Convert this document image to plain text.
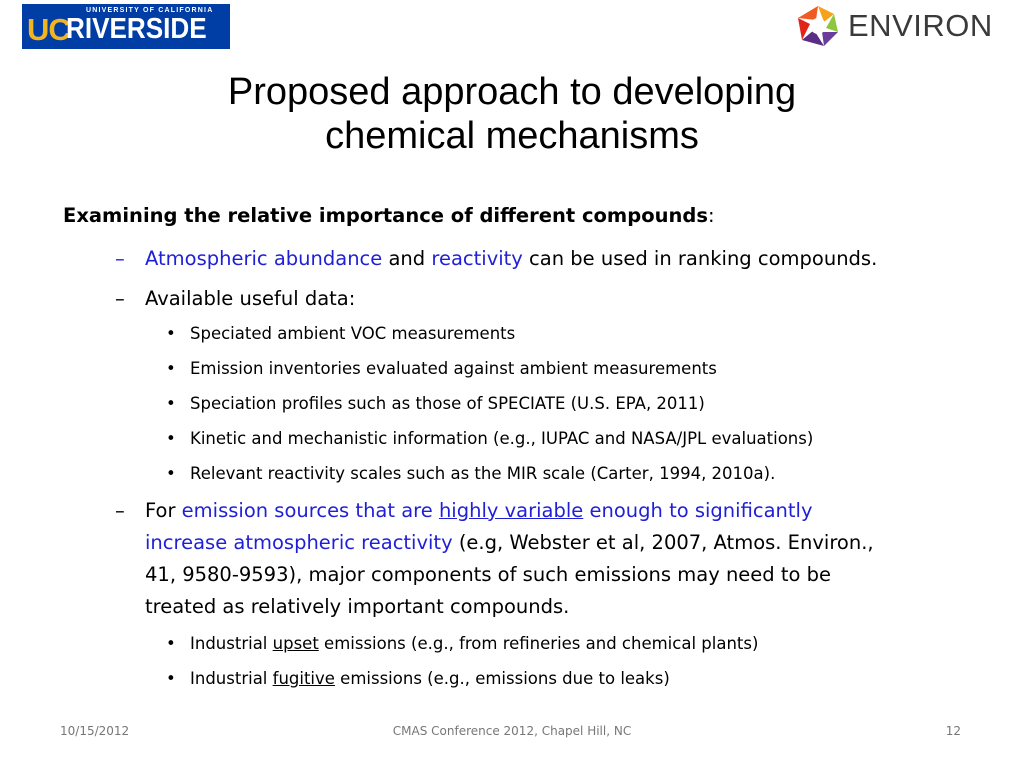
UNIVERSITY OF CALIFORNIA
UC
RIVERSIDE	ENVIRON
Proposed approach to developing
chemical mechanisms
Examining the relative importance of different compounds:
– Atmospheric abundance and reactivity can be used in ranking compounds.
– Available useful data:
• Speciated ambient VOC measurements
• Emission inventories evaluated against ambient measurements
• Speciation profiles such as those of SPECIATE (U.S. EPA, 2011)
• Kinetic and mechanistic information (e.g., IUPAC and NASA/JPL evaluations)
• Relevant reactivity scales such as the MIR scale (Carter, 1994, 2010a).
– For emission sources that are highly variable enough to significantly
increase atmospheric reactivity (e.g, Webster et al, 2007, Atmos. Environ.,
41, 9580-9593), major components of such emissions may need to be
treated as relatively important compounds.
• Industrial upset emissions (e.g., from refineries and chemical plants)
• Industrial fugitive emissions (e.g., emissions due to leaks)
10/15/2012	CMAS Conference 2012, Chapel Hill, NC	12
